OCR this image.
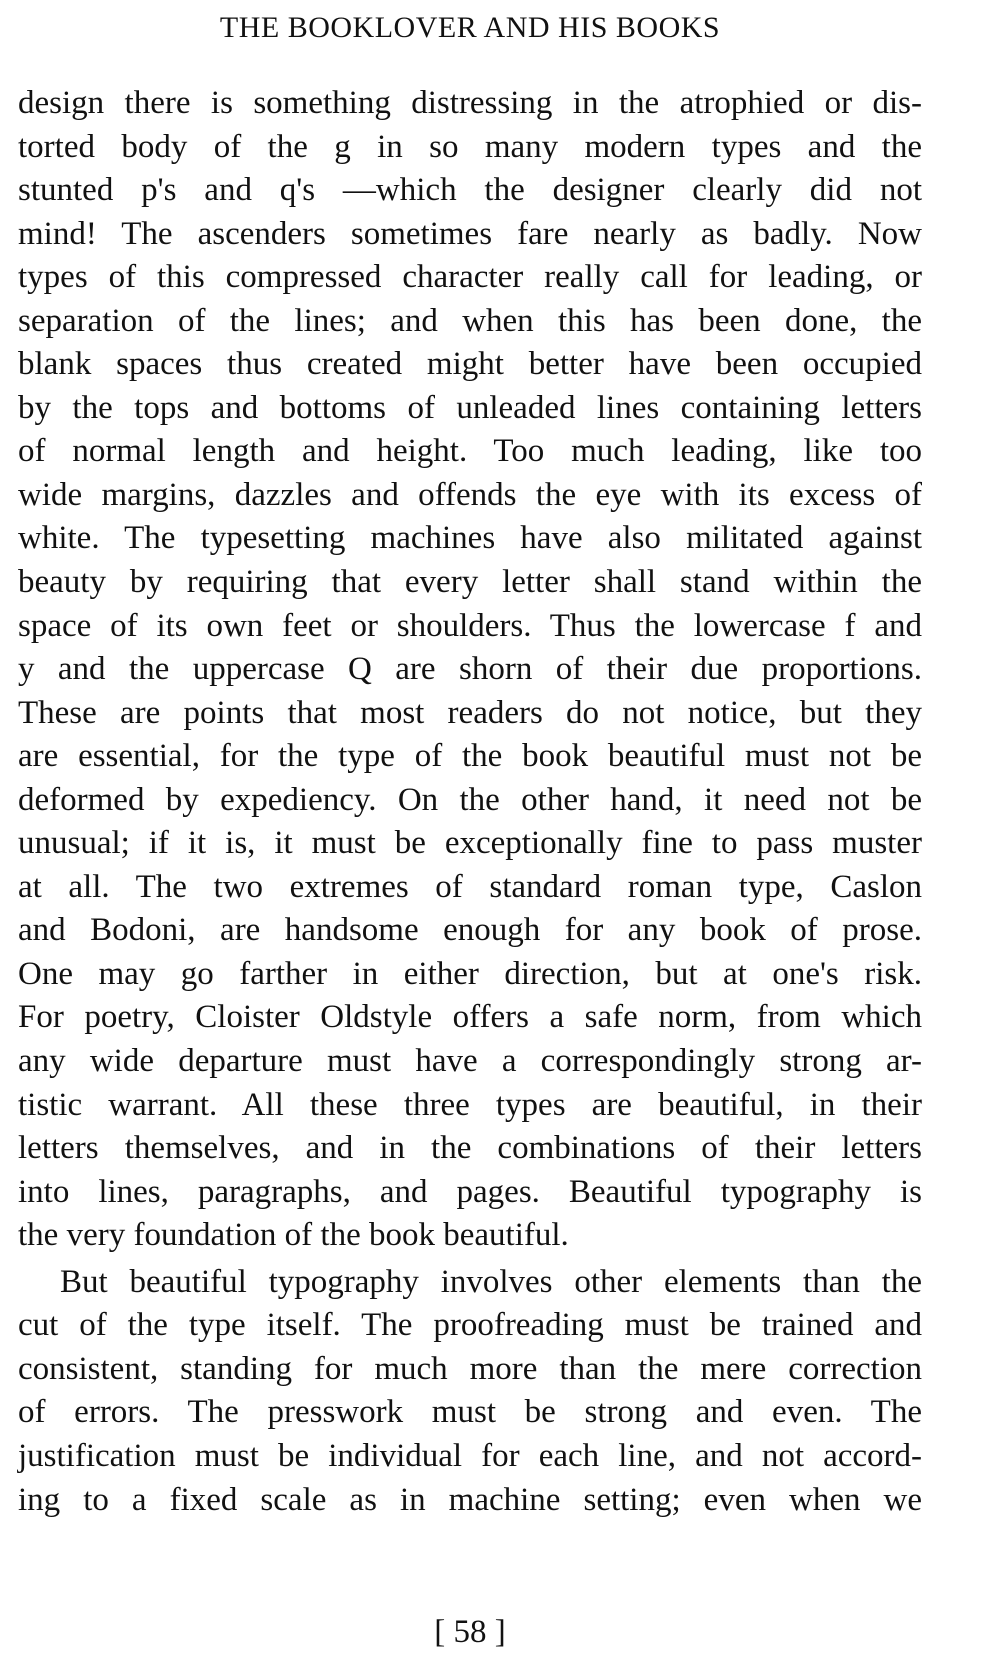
THE BOOKLOVER AND HIS BOOKS
design there is something distressing in the atrophied or dis-
torted body of the g in so many modern types and the
stunted p's and q's —which the designer clearly did not
mind! The ascenders sometimes fare nearly as badly. Now
types of this compressed character really call for leading, or
separation of the lines; and when this has been done, the
blank spaces thus created might better have been occupied
by the tops and bottoms of unleaded lines containing letters
of normal length and height. Too much leading, like too
wide margins, dazzles and offends the eye with its excess of
white. The typesetting machines have also militated against
beauty by requiring that every letter shall stand within the
space of its own feet or shoulders. Thus the lowercase f and
y and the uppercase Q are shorn of their due proportions.
These are points that most readers do not notice, but they
are essential, for the type of the book beautiful must not be
deformed by expediency. On the other hand, it need not be
unusual; if it is, it must be exceptionally fine to pass muster
at all. The two extremes of standard roman type, Caslon
and Bodoni, are handsome enough for any book of prose.
One may go farther in either direction, but at one's risk.
For poetry, Cloister Oldstyle offers a safe norm, from which
any wide departure must have a correspondingly strong ar-
tistic warrant. All these three types are beautiful, in their
letters themselves, and in the combinations of their letters
into lines, paragraphs, and pages. Beautiful typography is
the very foundation of the book beautiful.
But beautiful typography involves other elements than the
cut of the type itself. The proofreading must be trained and
consistent, standing for much more than the mere correction
of errors. The presswork must be strong and even. The
justification must be individual for each line, and not accord-
ing to a fixed scale as in machine setting; even when we
[ 58 ]
